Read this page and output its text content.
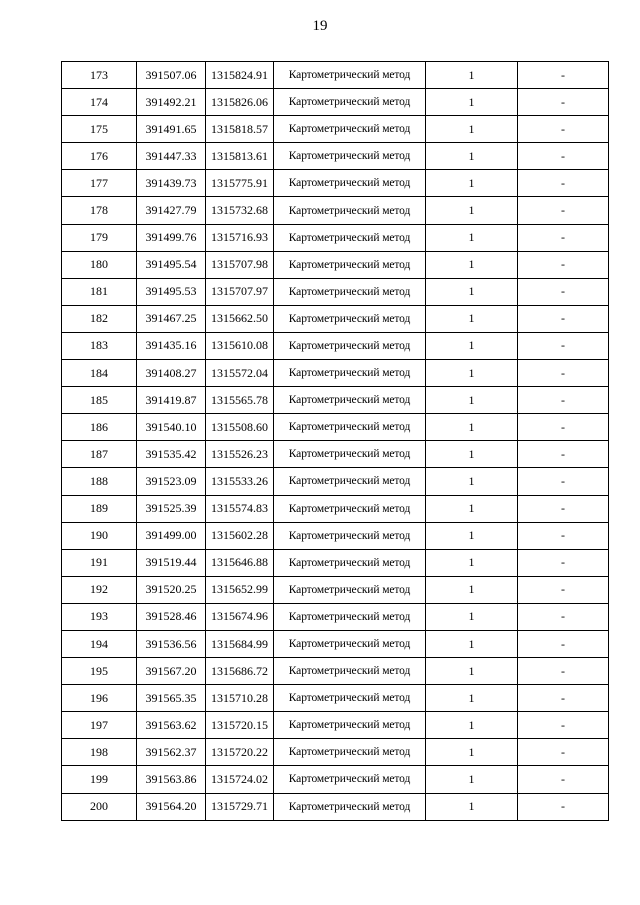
19
173	391507.06	1315824.91	Картометрический метод	1	-
174	391492.21	1315826.06	Картометрический метод	1	-
175	391491.65	1315818.57	Картометрический метод	1	-
176	391447.33	1315813.61	Картометрический метод	1	-
177	391439.73	1315775.91	Картометрический метод	1	-
178	391427.79	1315732.68	Картометрический метод	1	-
179	391499.76	1315716.93	Картометрический метод	1	-
180	391495.54	1315707.98	Картометрический метод	1	-
181	391495.53	1315707.97	Картометрический метод	1	-
182	391467.25	1315662.50	Картометрический метод	1	-
183	391435.16	1315610.08	Картометрический метод	1	-
184	391408.27	1315572.04	Картометрический метод	1	-
185	391419.87	1315565.78	Картометрический метод	1	-
186	391540.10	1315508.60	Картометрический метод	1	-
187	391535.42	1315526.23	Картометрический метод	1	-
188	391523.09	1315533.26	Картометрический метод	1	-
189	391525.39	1315574.83	Картометрический метод	1	-
190	391499.00	1315602.28	Картометрический метод	1	-
191	391519.44	1315646.88	Картометрический метод	1	-
192	391520.25	1315652.99	Картометрический метод	1	-
193	391528.46	1315674.96	Картометрический метод	1	-
194	391536.56	1315684.99	Картометрический метод	1	-
195	391567.20	1315686.72	Картометрический метод	1	-
196	391565.35	1315710.28	Картометрический метод	1	-
197	391563.62	1315720.15	Картометрический метод	1	-
198	391562.37	1315720.22	Картометрический метод	1	-
199	391563.86	1315724.02	Картометрический метод	1	-
200	391564.20	1315729.71	Картометрический метод	1	-
